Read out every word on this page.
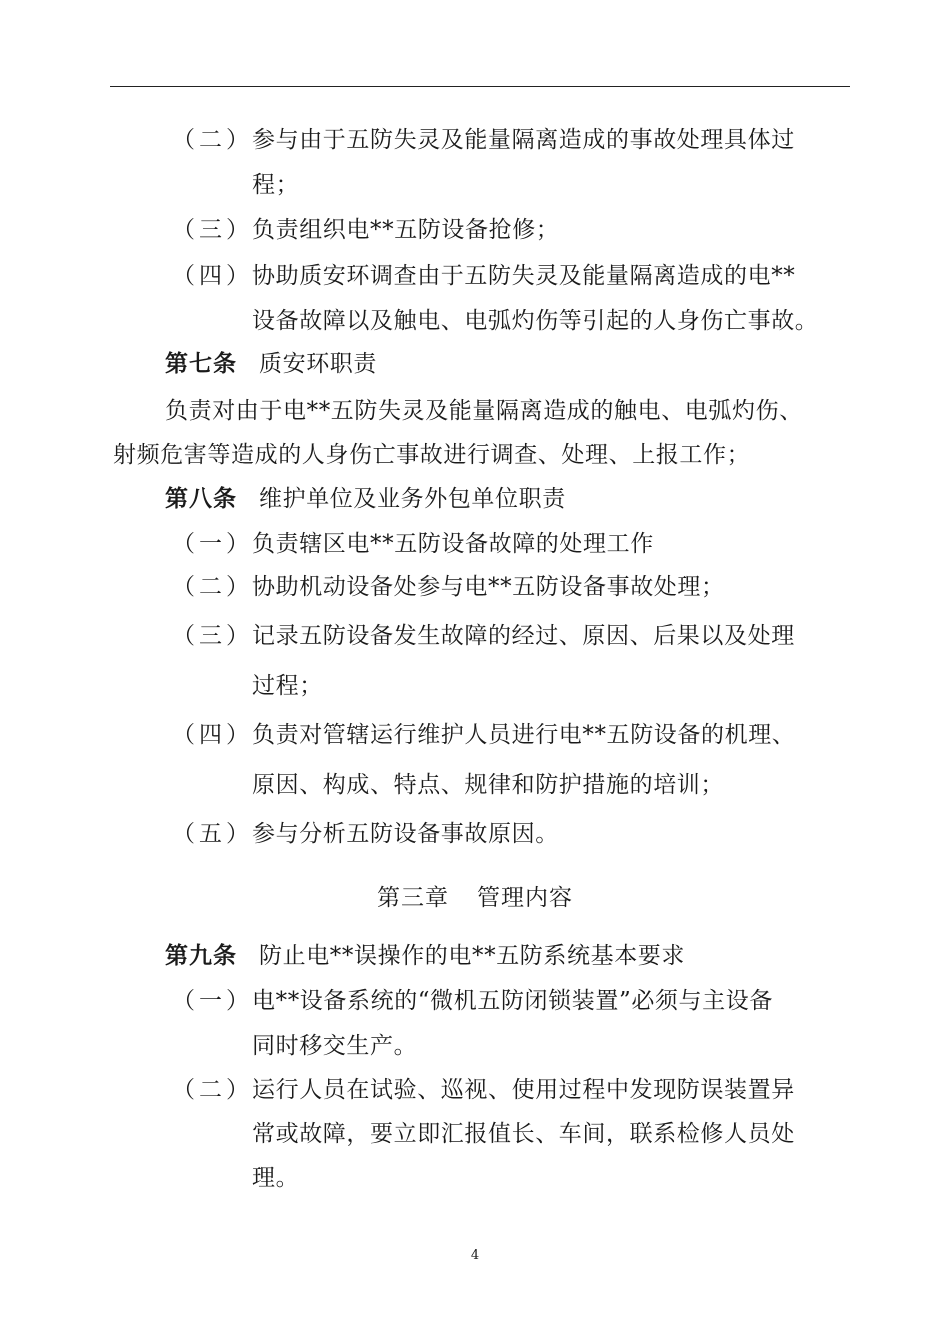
（二） 参与由于五防失灵及能量隔离造成的事故处理具体过
程；
（三） 负责组织电**五防设备抢修；
（四） 协助质安环调查由于五防失灵及能量隔离造成的电**
设备故障以及触电、电弧灼伤等引起的人身伤亡事故。
第七条 质安环职责
负责对由于电**五防失灵及能量隔离造成的触电、电弧灼伤、
射频危害等造成的人身伤亡事故进行调查、处理、上报工作；
第八条 维护单位及业务外包单位职责
（一） 负责辖区电**五防设备故障的处理工作
（二） 协助机动设备处参与电**五防设备事故处理；
（三） 记录五防设备发生故障的经过、原因、后果以及处理
过程；
（四） 负责对管辖运行维护人员进行电**五防设备的机理、
原因、构成、特点、规律和防护措施的培训；
（五） 参与分析五防设备事故原因。
第三章 管理内容
第九条 防止电**误操作的电**五防系统基本要求
（一） 电**设备系统的“微机五防闭锁装置”必须与主设备
同时移交生产。
（二） 运行人员在试验、巡视、使用过程中发现防误装置异
常或故障，要立即汇报值长、车间，联系检修人员处
理。
4
